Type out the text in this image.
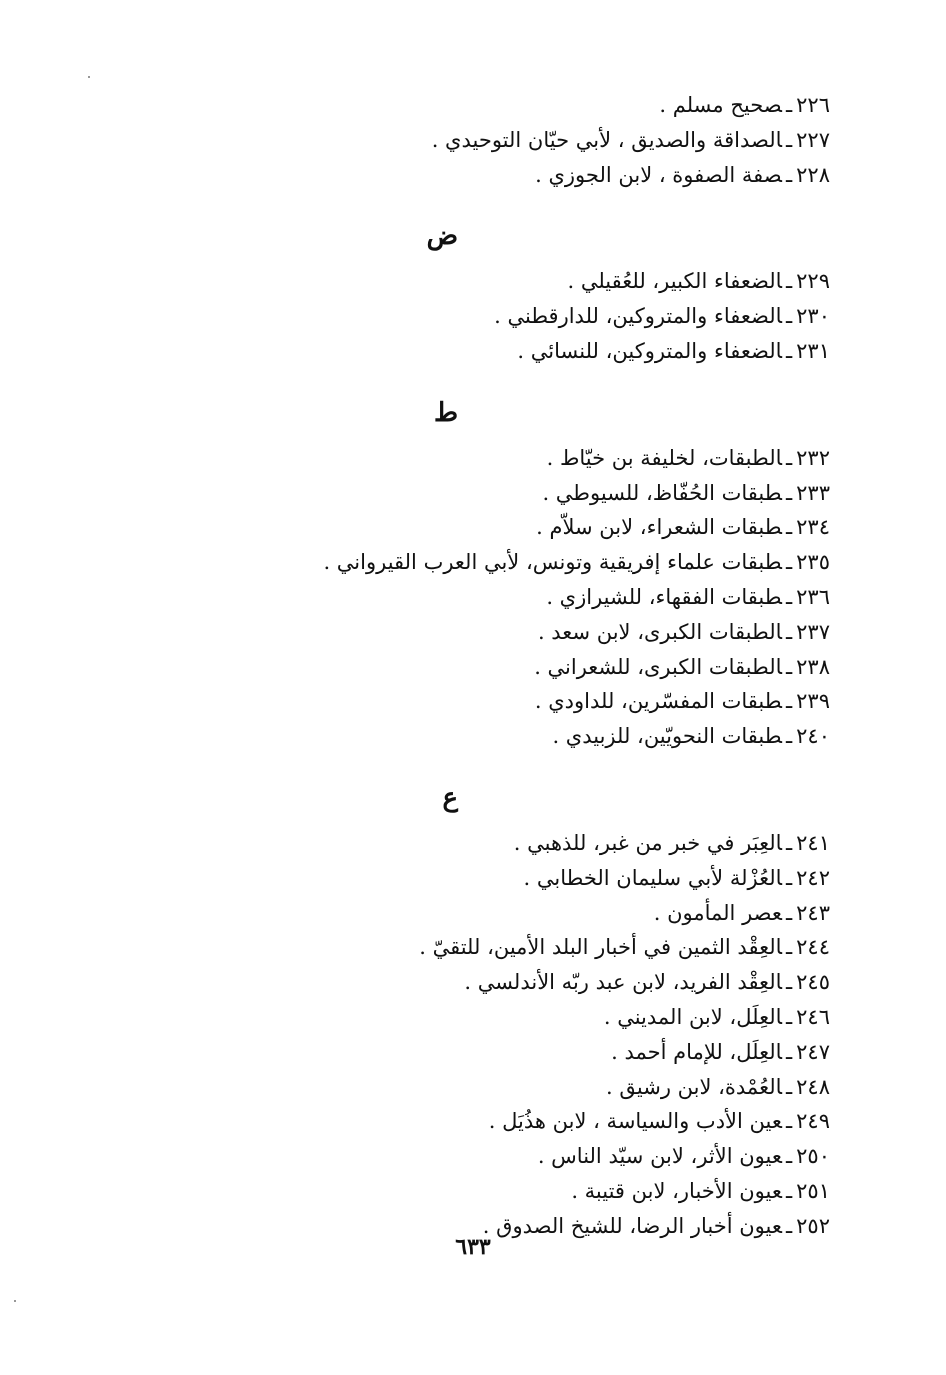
٢٢٦ـصحيح مسلم .
٢٢٧ـالصداقة والصديق ، لأبي حيّان التوحيدي .
٢٢٨ـصفة الصفوة ، لابن الجوزي .
ض
٢٢٩ـالضعفاء الكبير، للعُقيلي .
٢٣٠ـالضعفاء والمتروكين، للدارقطني .
٢٣١ـالضعفاء والمتروكين، للنسائي .
ط
٢٣٢ـالطبقات، لخليفة بن خيّاط .
٢٣٣ـطبقات الحُفّاظ، للسيوطي .
٢٣٤ـطبقات الشعراء، لابن سلاّم .
٢٣٥ـطبقات علماء إفريقية وتونس، لأبي العرب القيرواني .
٢٣٦ـطبقات الفقهاء، للشيرازي .
٢٣٧ـالطبقات الكبرى، لابن سعد .
٢٣٨ـالطبقات الكبرى، للشعراني .
٢٣٩ـطبقات المفسّرين، للداودي .
٢٤٠ـطبقات النحويّين، للزبيدي .
ع
٢٤١ـالعِبَر في خبر من غبر، للذهبي .
٢٤٢ـالعُزْلة لأبي سليمان الخطابي .
٢٤٣ـعصر المأمون .
٢٤٤ـالعِقْد الثمين في أخبار البلد الأمين، للتقيّ .
٢٤٥ـالعِقْد الفريد، لابن عبد ربّه الأندلسي .
٢٤٦ـالعِلَل، لابن المديني .
٢٤٧ـالعِلَل، للإمام أحمد .
٢٤٨ـالعُمْدة، لابن رشيق .
٢٤٩ـعين الأدب والسياسة ، لابن هذُيَل .
٢٥٠ـعيون الأثر، لابن سيّد الناس .
٢٥١ـعيون الأخبار، لابن قتيبة .
٢٥٢ـعيون أخبار الرضا، للشيخ الصدوق .
٦٣٣
